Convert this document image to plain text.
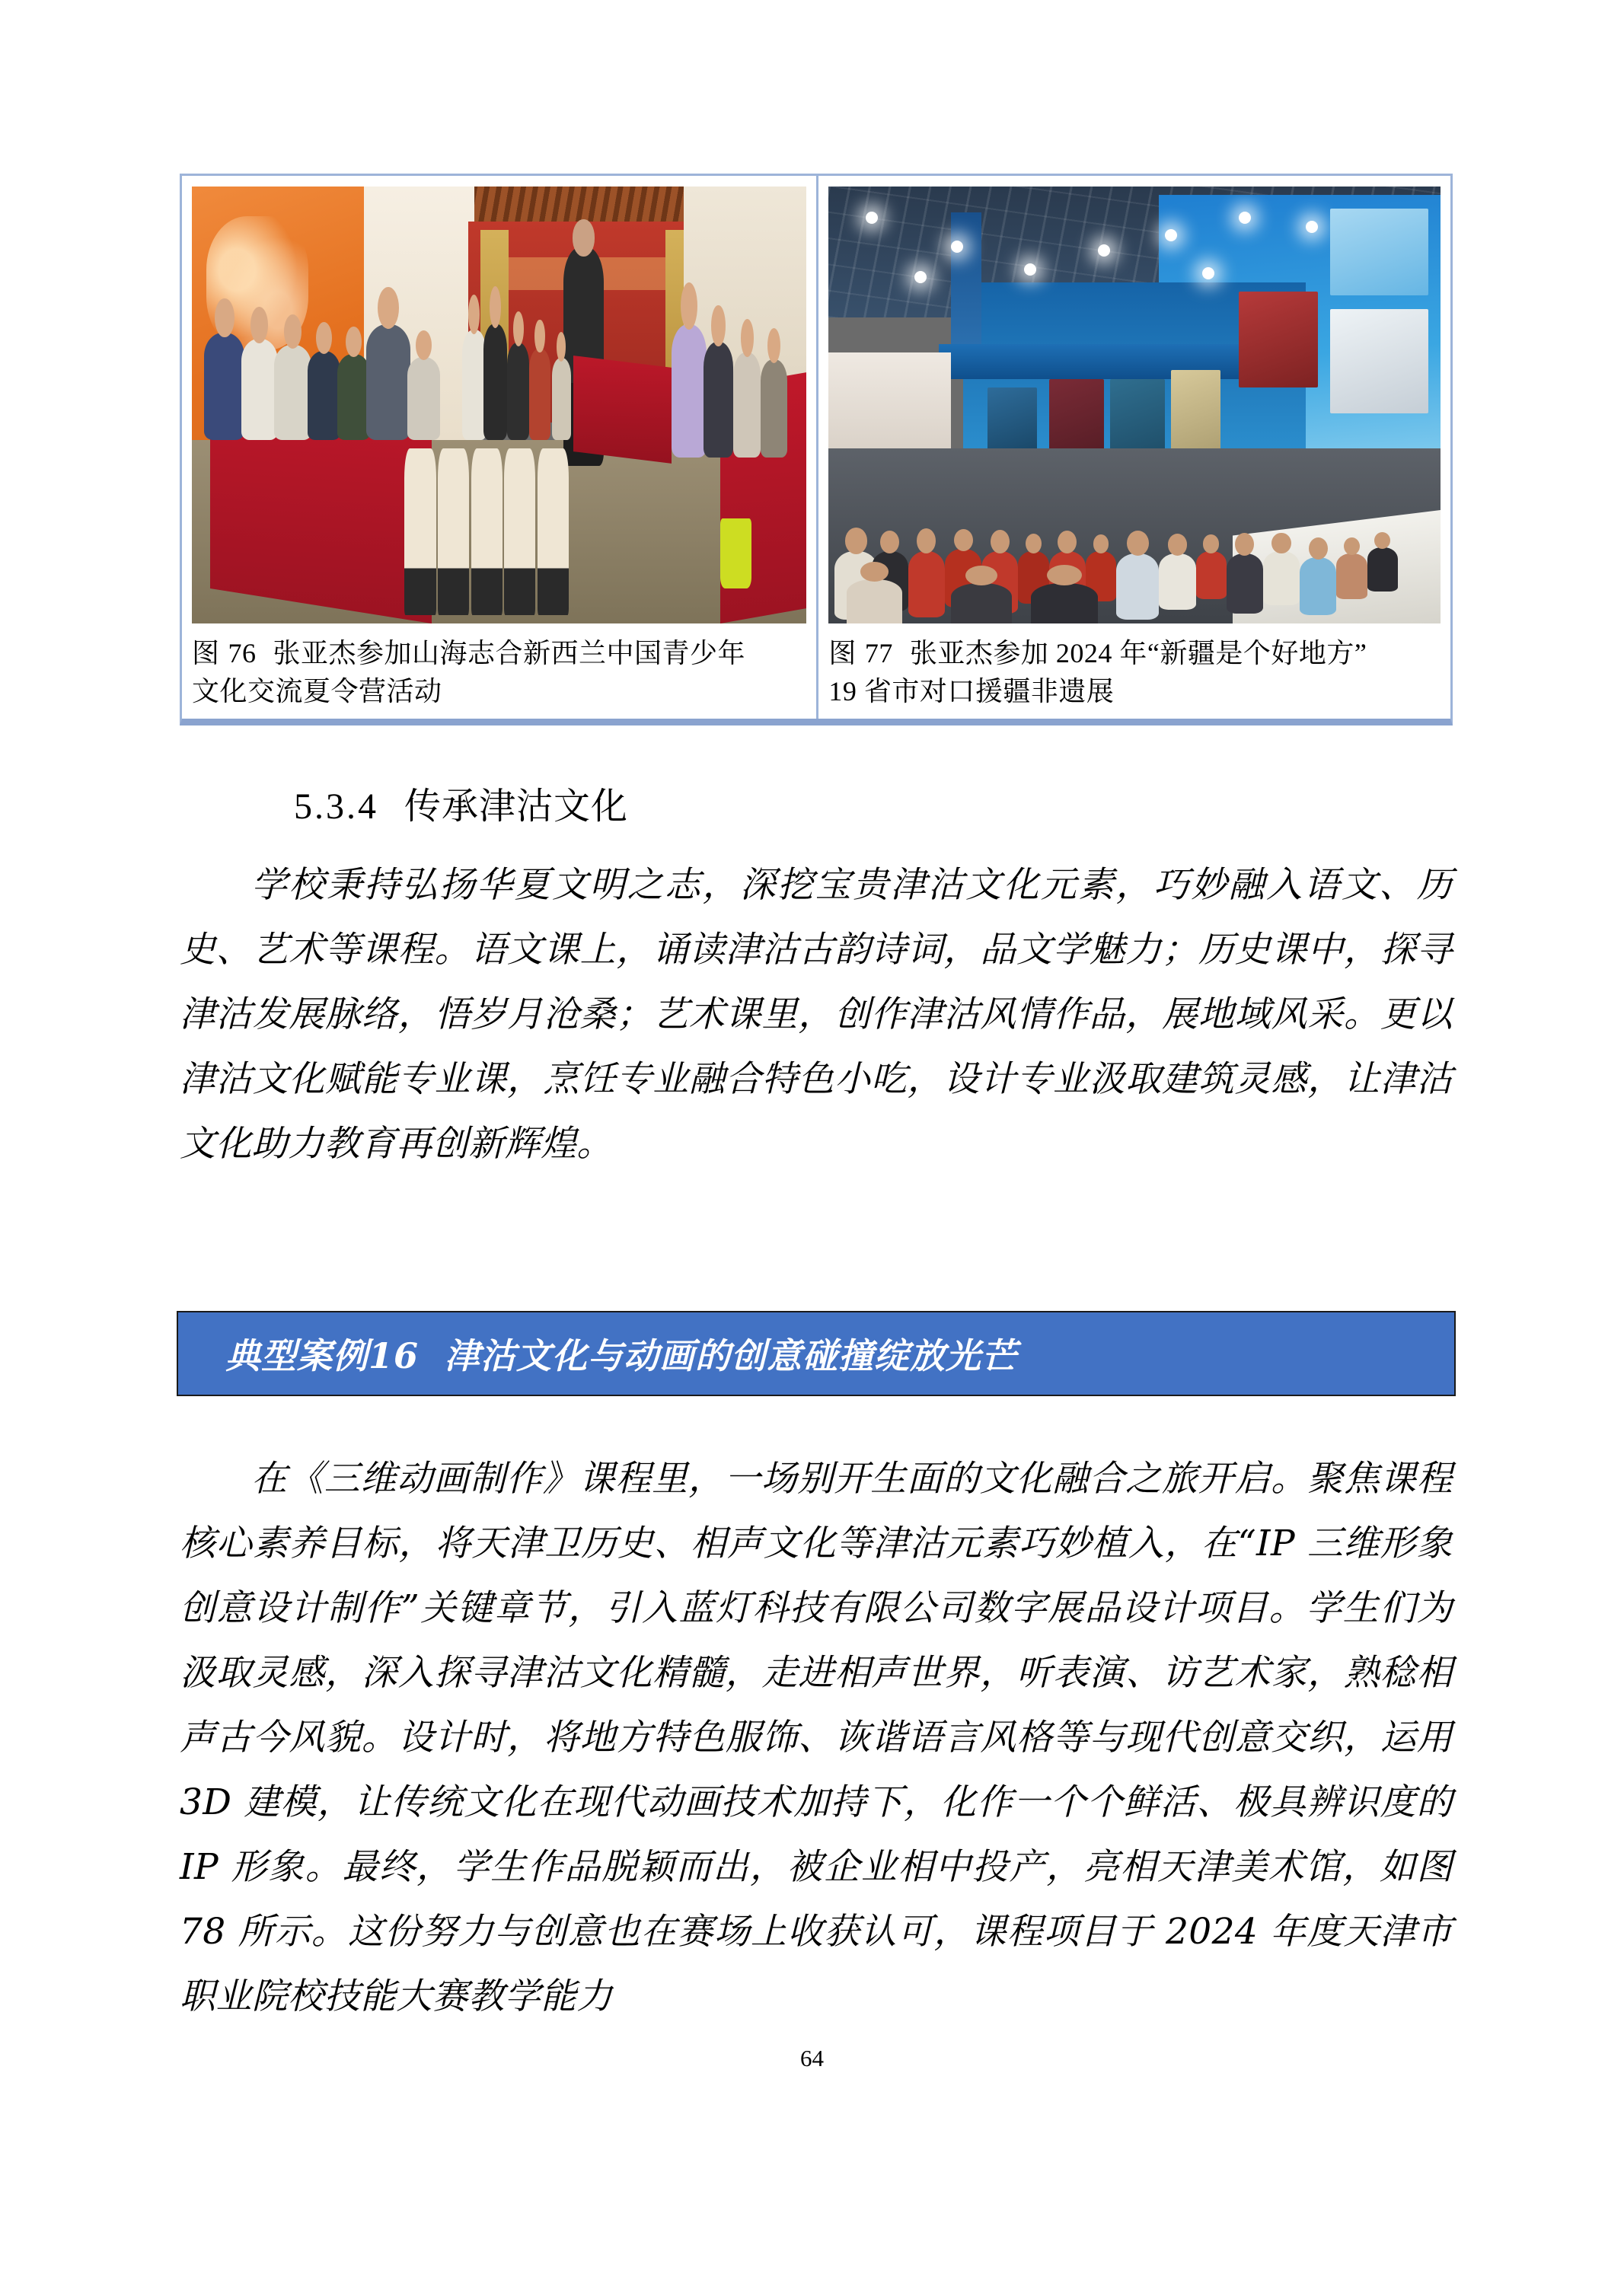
图 76 张亚杰参加山海志合新西兰中国青少年
文化交流夏令营活动
图 77 张亚杰参加 2024 年“新疆是个好地方”
19 省市对口援疆非遗展
5.3.4 传承津沽文化

学校秉持弘扬华夏文明之志，深挖宝贵津沽文化元素，巧妙融入语文、历史、艺术等课程。语文课上，诵读津沽古韵诗词，品文学魅力；历史课中，探寻津沽发展脉络，悟岁月沧桑；艺术课里，创作津沽风情作品，展地域风采。更以津沽文化赋能专业课，烹饪专业融合特色小吃，设计专业汲取建筑灵感，让津沽文化助力教育再创新辉煌。

典型案例16 津沽文化与动画的创意碰撞绽放光芒

在《三维动画制作》课程里，一场别开生面的文化融合之旅开启。聚焦课程核心素养目标，将天津卫历史、相声文化等津沽元素巧妙植入，在“IP 三维形象创意设计制作”关键章节，引入蓝灯科技有限公司数字展品设计项目。学生们为汲取灵感，深入探寻津沽文化精髓，走进相声世界，听表演、访艺术家，熟稔相声古今风貌。设计时，将地方特色服饰、诙谐语言风格等与现代创意交织，运用 3D 建模，让传统文化在现代动画技术加持下，化作一个个鲜活、极具辨识度的 IP 形象。最终，学生作品脱颖而出，被企业相中投产，亮相天津美术馆，如图 78 所示。这份努力与创意也在赛场上收获认可，课程项目于 2024 年度天津市职业院校技能大赛教学能力

64
